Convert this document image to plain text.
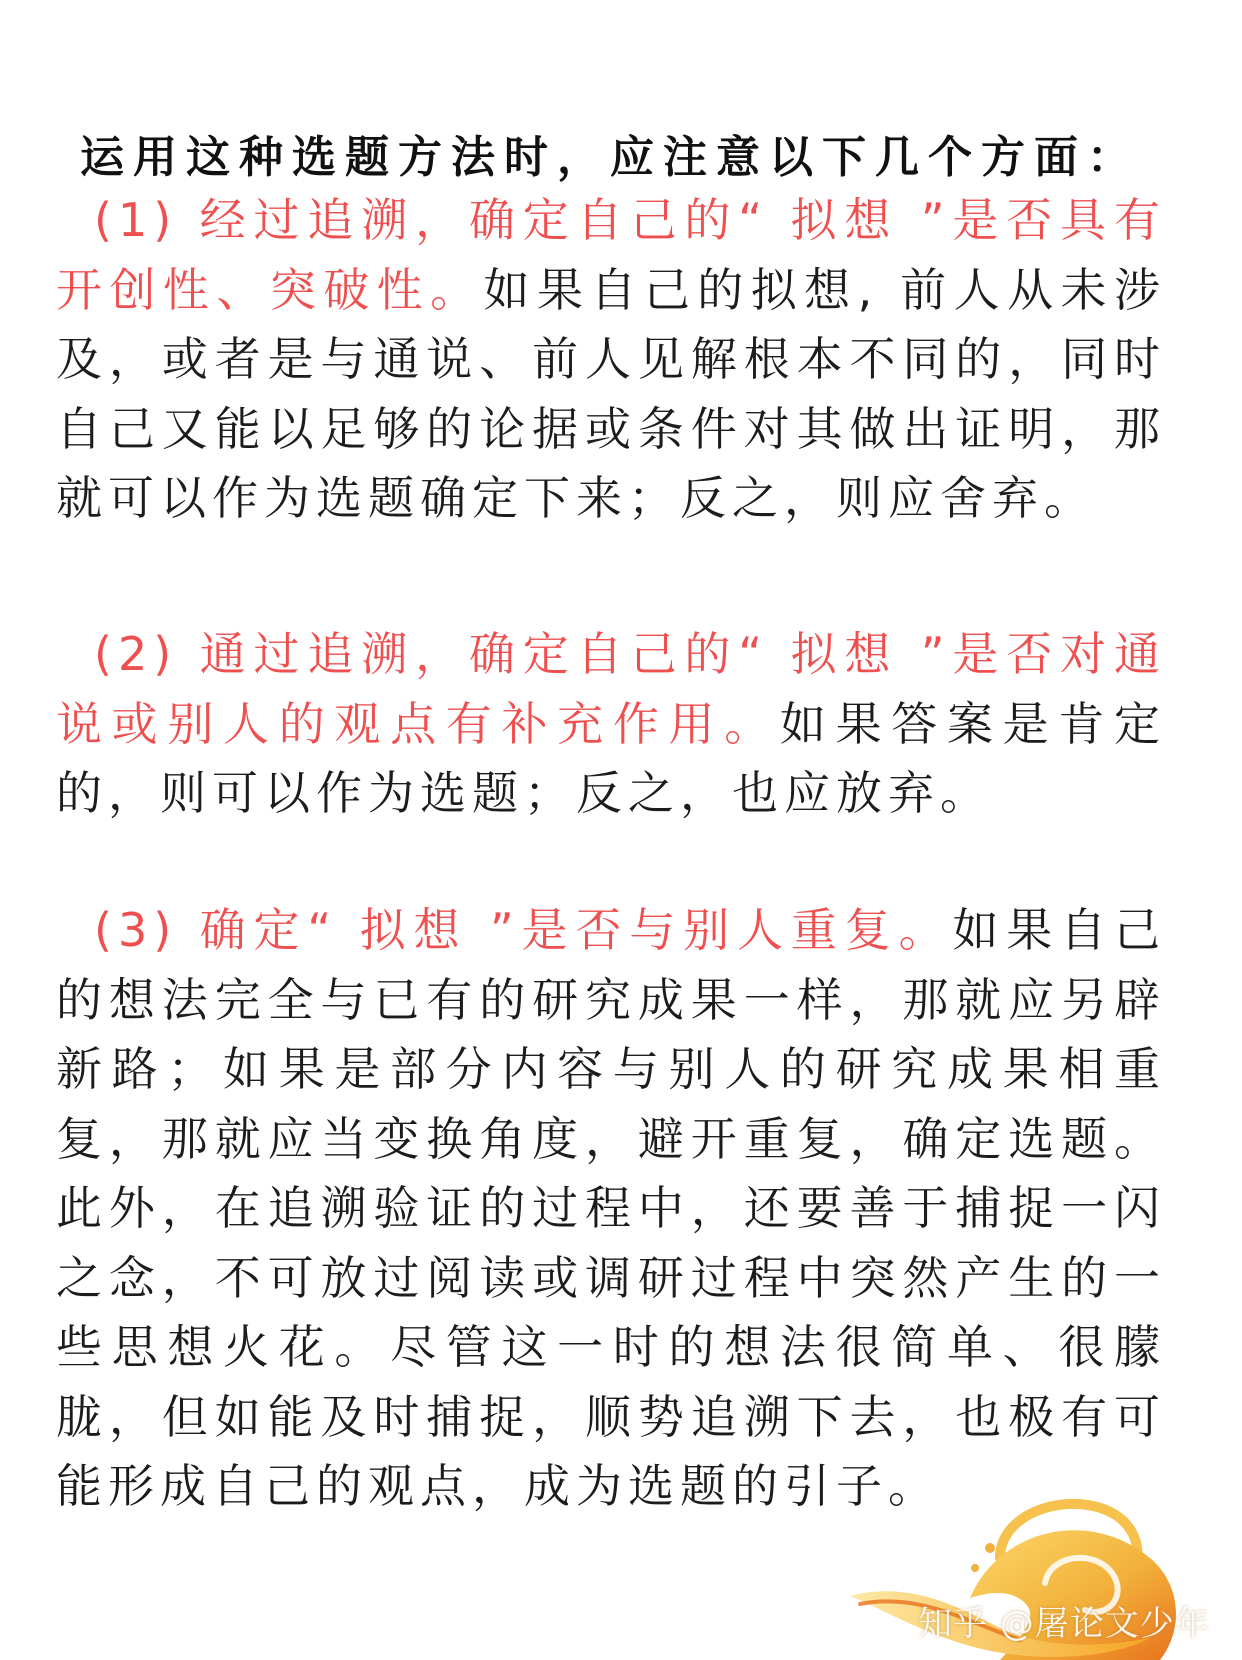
运用这种选题方法时，应注意以下几个方面：
(1) 经过追溯，确定自己的“ 拟想 ”是否具有开创性、突破性。如果自己的拟想, 前人从未涉及，或者是与通说、前人见解根本不同的，同时自己又能以足够的论据或条件对其做出证明，那就可以作为选题确定下来；反之，则应舍弃。
(2) 通过追溯，确定自己的“ 拟想 ”是否对通说或别人的观点有补充作用。如果答案是肯定的，则可以作为选题；反之，也应放弃。
(3) 确定“ 拟想 ”是否与别人重复。如果自己的想法完全与已有的研究成果一样，那就应另辟新路；如果是部分内容与别人的研究成果相重复，那就应当变换角度，避开重复，确定选题。此外，在追溯验证的过程中，还要善于捕捉一闪之念，不可放过阅读或调研过程中突然产生的一些思想火花。尽管这一时的想法很简单、很朦胧，但如能及时捕捉，顺势追溯下去，也极有可能形成自己的观点，成为选题的引子。
知乎 @屠论文少年
